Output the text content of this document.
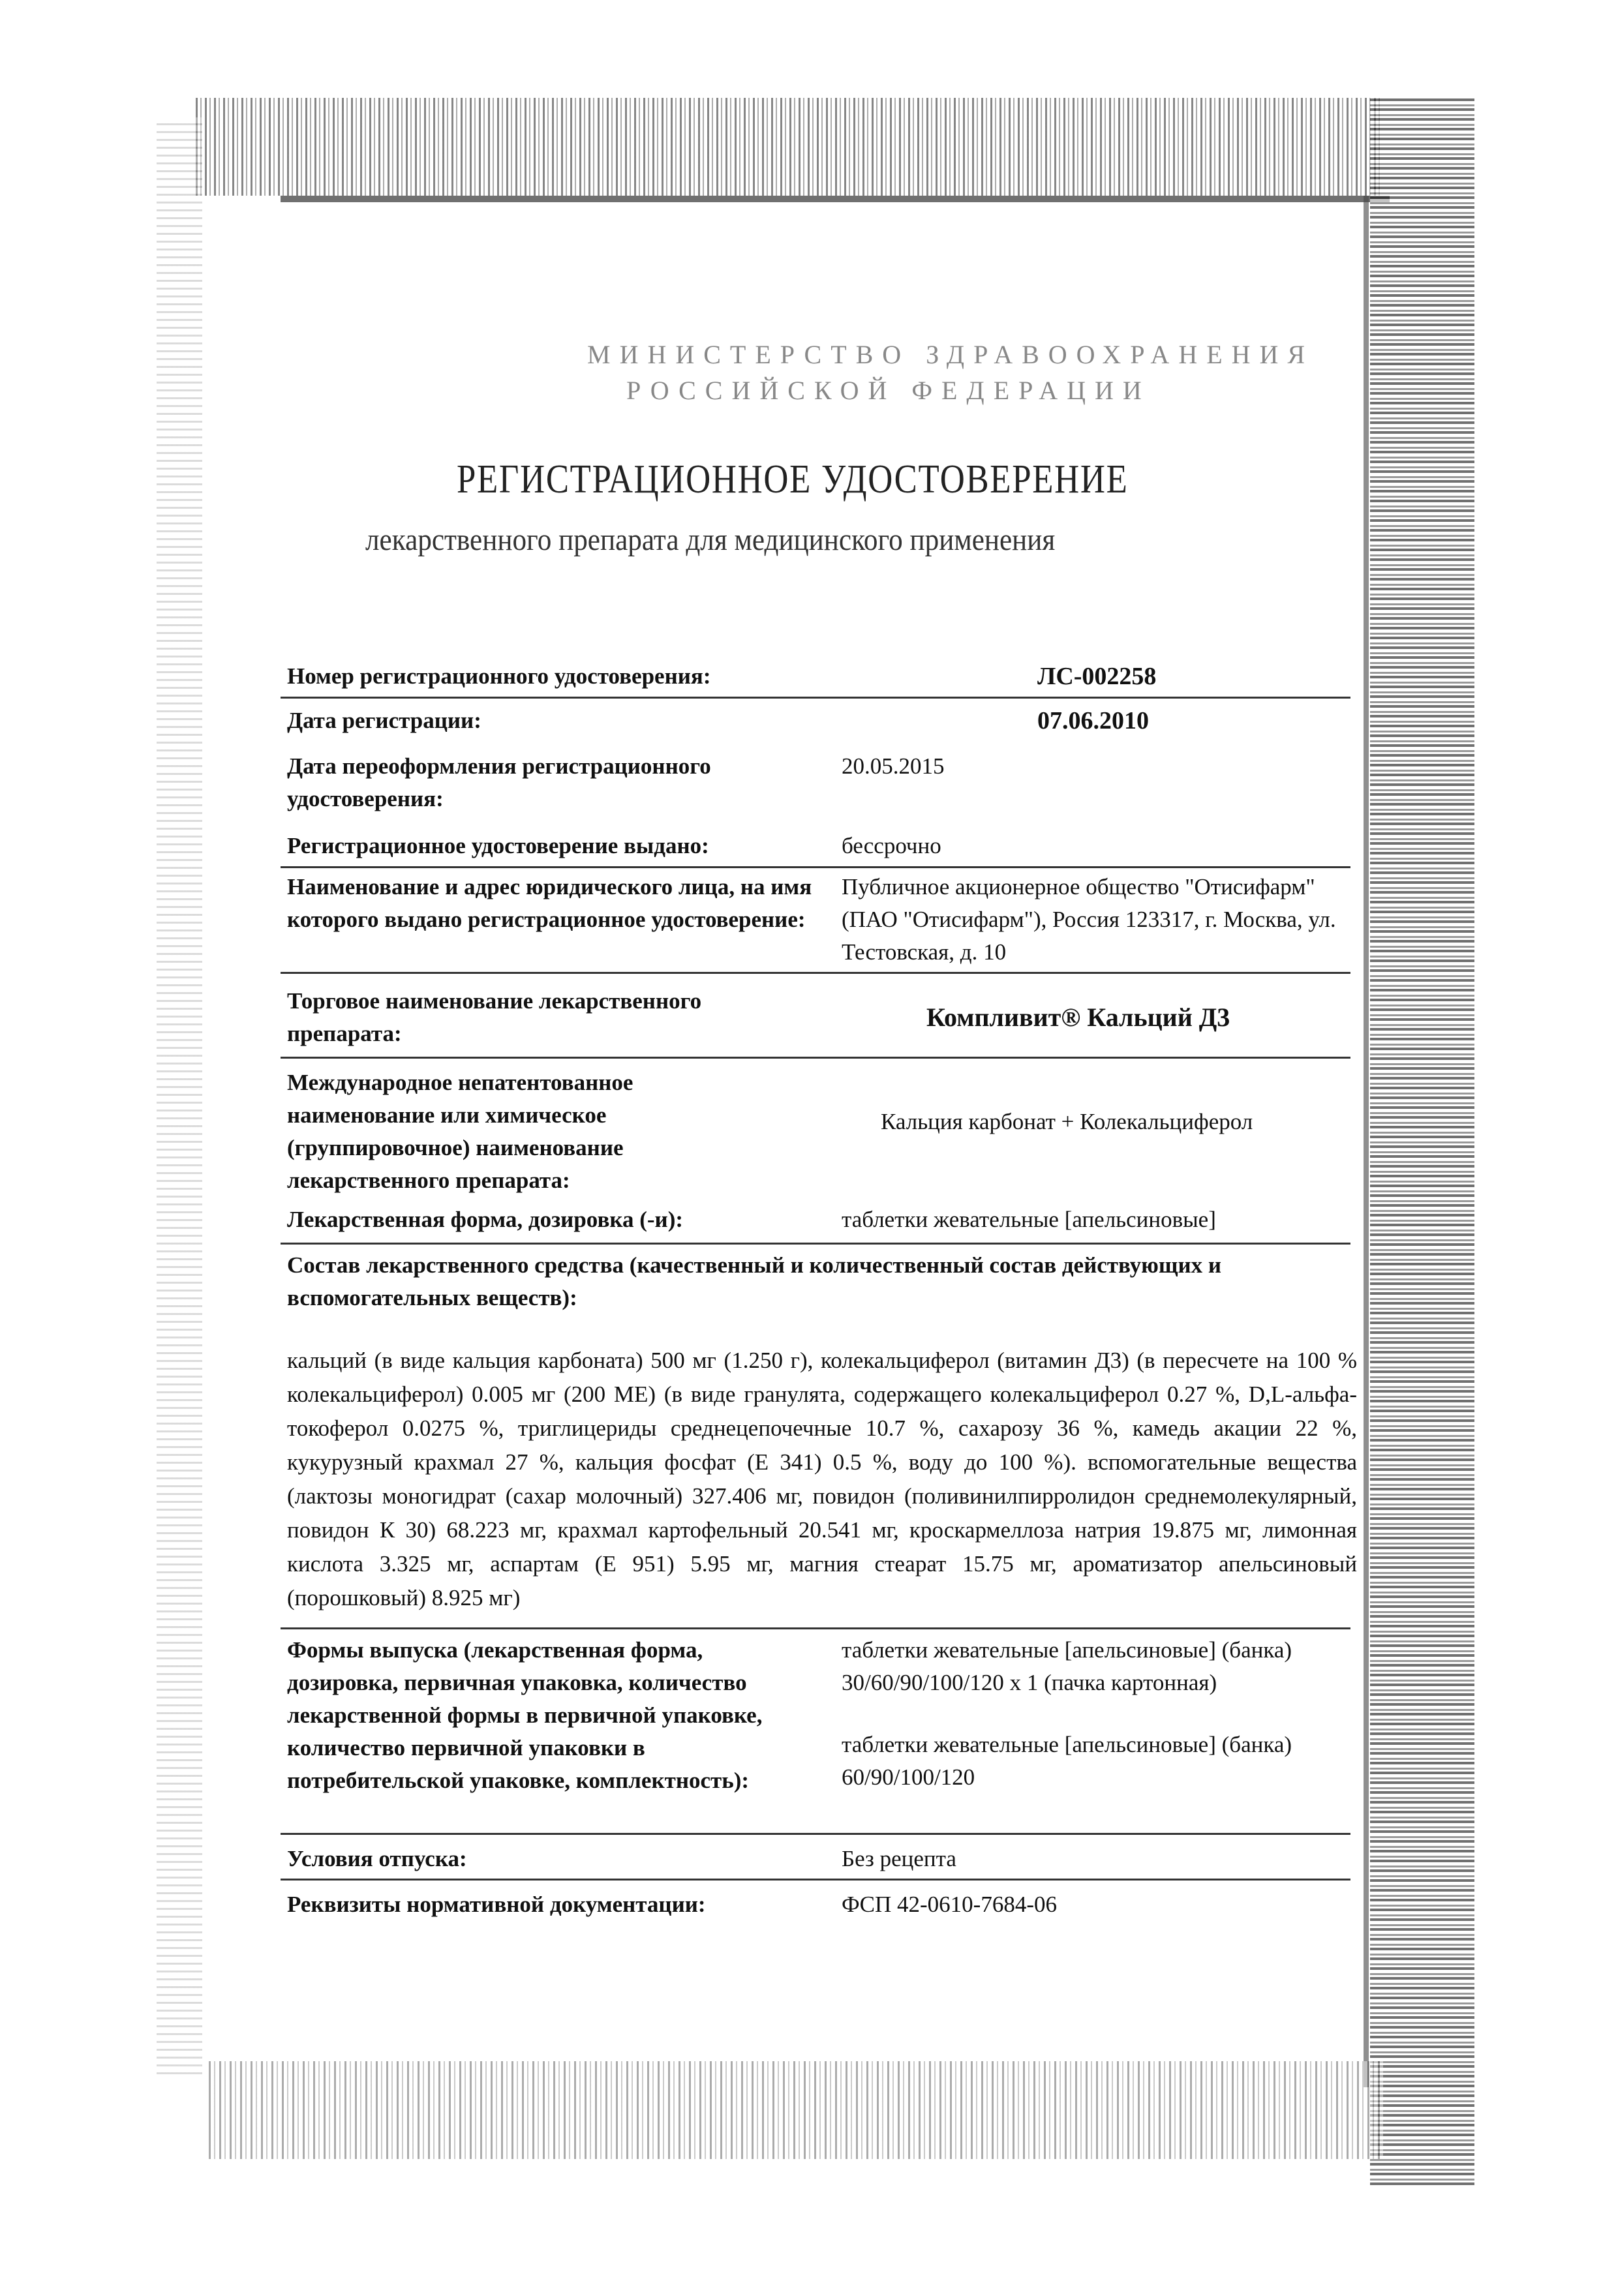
МИНИСТЕРСТВО ЗДРАВООХРАНЕНИЯ
РОССИЙСКОЙ ФЕДЕРАЦИИ
РЕГИСТРАЦИОННОЕ УДОСТОВЕРЕНИЕ
лекарственного препарата для медицинского применения
Номер регистрационного удостоверения:	ЛС-002258
Дата регистрации:	07.06.2010
Дата переоформления регистрационного удостоверения:
20.05.2015
Регистрационное удостоверение выдано:	бессрочно
Наименование и адрес юридического лица, на имя которого выдано регистрационное удостоверение:
Публичное акционерное общество "Отисифарм" (ПАО "Отисифарм"), Россия 123317, г. Москва, ул. Тестовская, д. 10
Торговое наименование лекарственного препарата:
Компливит® Кальций Д3
Международное непатентованное наименование или химическое (группировочное) наименование лекарственного препарата:
Кальция карбонат + Колекальциферол
Лекарственная форма, дозировка (-и):	таблетки жевательные [апельсиновые]
Состав лекарственного средства (качественный и количественный состав действующих и вспомогательных веществ):
кальций (в виде кальция карбоната) 500 мг (1.250 г), колекальциферол (витамин Д3) (в пересчете на 100 % колекальциферол) 0.005 мг (200 МЕ) (в виде гранулята, содержащего колекальциферол 0.27 %, D,L-альфа-токоферол 0.0275 %, триглицериды среднецепочечные 10.7 %, сахарозу 36 %, камедь акации 22 %, кукурузный крахмал 27 %, кальция фосфат (Е 341) 0.5 %, воду до 100 %). вспомогательные вещества (лактозы моногидрат (сахар молочный) 327.406 мг, повидон (поливинилпирролидон среднемолекулярный, повидон К 30) 68.223 мг, крахмал картофельный 20.541 мг, кроскармеллоза натрия 19.875 мг, лимонная кислота 3.325 мг, аспартам (Е 951) 5.95 мг, магния стеарат 15.75 мг, ароматизатор апельсиновый (порошковый) 8.925 мг)
Формы выпуска (лекарственная форма, дозировка, первичная упаковка, количество лекарственной формы в первичной упаковке, количество первичной упаковки в потребительской упаковке, комплектность):
таблетки жевательные [апельсиновые] (банка) 30/60/90/100/120 x 1 (пачка картонная)
таблетки жевательные [апельсиновые] (банка) 60/90/100/120
Условия отпуска:	Без рецепта
Реквизиты нормативной документации:	ФСП 42-0610-7684-06
